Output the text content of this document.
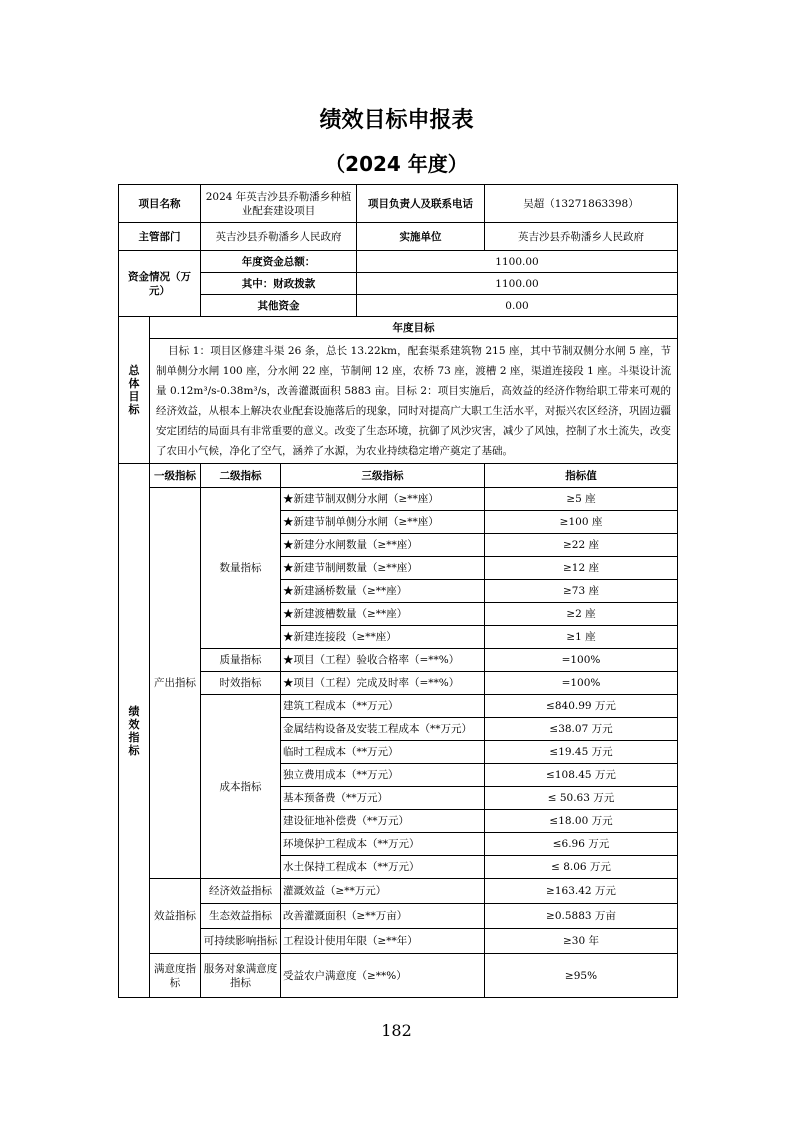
绩效目标申报表
（2024 年度）
项目名称		2024 年英吉沙县乔勒潘乡种植业配套建设项目		项目负责人及联系电话	吴超（13271863398）
主管部门		英吉沙县乔勒潘乡人民政府		实施单位	英吉沙县乔勒潘乡人民政府
资金情况（万元）		年度资金总额：		1100.00	
		其中：财政拨款		1100.00	
		其他资金		0.00	

总体目标	年度目标				
	目标 1：项目区修建斗渠 26 条，总长 13.22km，配套渠系建筑物 215 座，其中节制双侧分水闸 5 座，节制单侧分水闸 100 座，分水闸 22 座，节制闸 12 座，农桥 73 座，渡槽 2 座，渠道连接段 1 座。斗渠设计流量 0.12m³/s-0.38m³/s，改善灌溉面积 5883 亩。目标 2：项目实施后，高效益的经济作物给职工带来可观的经济效益，从根本上解决农业配套设施落后的现象，同时对提高广大职工生活水平，对振兴农区经济，巩固边疆安定团结的局面具有非常重要的意义。改变了生态环境，抗御了风沙灾害，减少了风蚀，控制了水土流失，改变了农田小气候，净化了空气，涵养了水源，为农业持续稳定增产奠定了基础。				

绩效指标	一级指标	二级指标	三级指标		指标值
	产出指标	数量指标	★新建节制双侧分水闸（≥**座）		≥5 座
			★新建节制单侧分水闸（≥**座）		≥100 座
			★新建分水闸数量（≥**座）		≥22 座
			★新建节制闸数量（≥**座）		≥12 座
			★新建涵桥数量（≥**座）		≥73 座
			★新建渡槽数量（≥**座）		≥2 座
			★新建连接段（≥**座）		≥1 座
		质量指标	★项目（工程）验收合格率（=**%）		=100%
		时效指标	★项目（工程）完成及时率（=**%）		=100%
		成本指标	建筑工程成本（**万元）		≤840.99 万元
			金属结构设备及安装工程成本（**万元）		≤38.07 万元
			临时工程成本（**万元）		≤19.45 万元
			独立费用成本（**万元）		≤108.45 万元
			基本预备费（**万元）		≤ 50.63 万元
			建设征地补偿费（**万元）		≤18.00 万元
			环境保护工程成本（**万元）		≤6.96 万元
			水土保持工程成本（**万元）		≤ 8.06 万元
	效益指标	经济效益指标	灌溉效益（≥**万元）		≥163.42 万元
		生态效益指标	改善灌溉面积（≥**万亩）		≥0.5883 万亩
		可持续影响指标	工程设计使用年限（≥**年）		≥30 年
	满意度指标	服务对象满意度指标	受益农户满意度（≥**%）		≥95%
182
